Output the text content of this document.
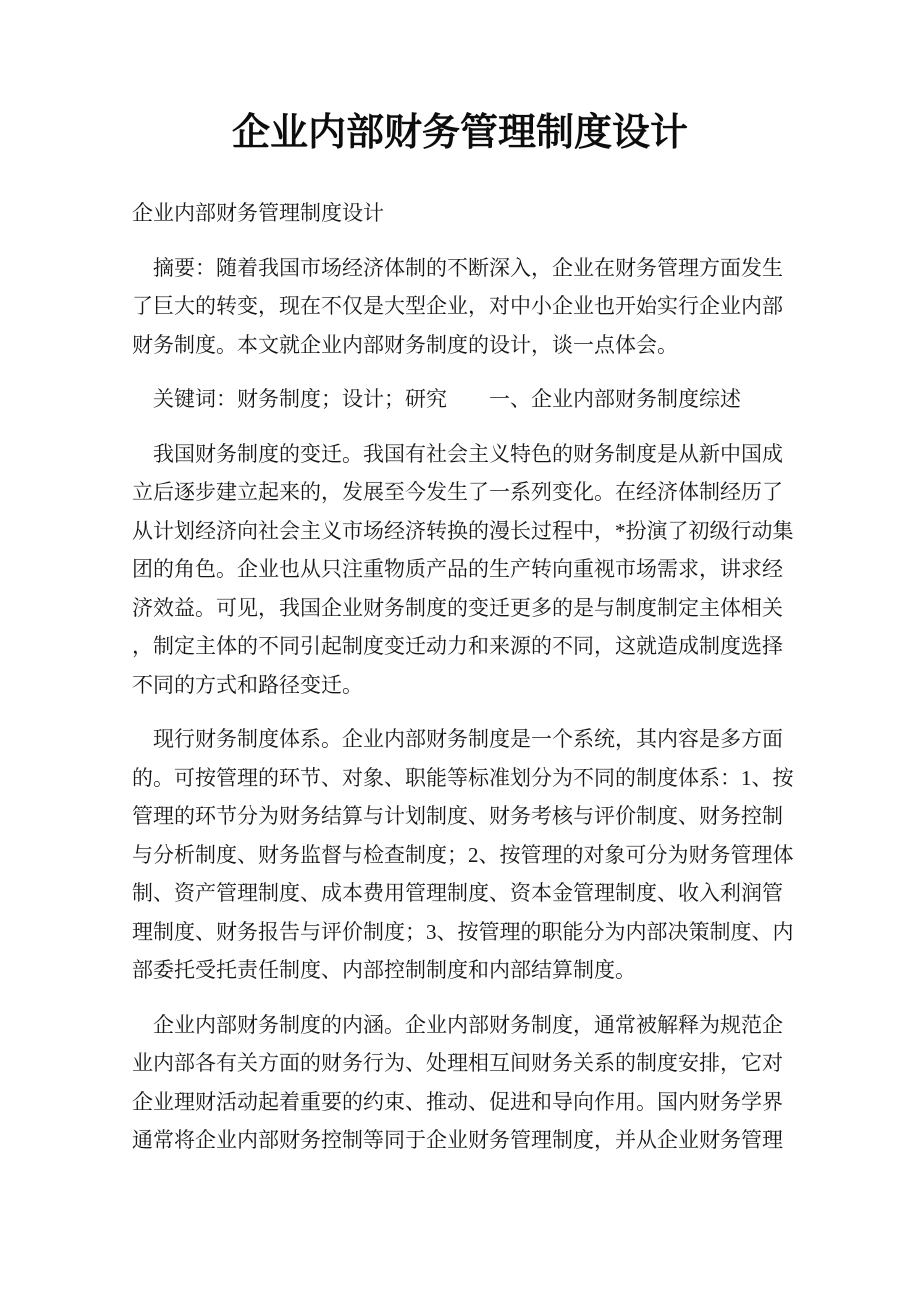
企业内部财务管理制度设计
企业内部财务管理制度设计
摘要：随着我国市场经济体制的不断深入，企业在财务管理方面发生
了巨大的转变，现在不仅是大型企业，对中小企业也开始实行企业内部
财务制度。本文就企业内部财务制度的设计，谈一点体会。
关键词：财务制度；设计；研究　　一、企业内部财务制度综述
我国财务制度的变迁。我国有社会主义特色的财务制度是从新中国成
立后逐步建立起来的，发展至今发生了一系列变化。在经济体制经历了
从计划经济向社会主义市场经济转换的漫长过程中，*扮演了初级行动集
团的角色。企业也从只注重物质产品的生产转向重视市场需求，讲求经
济效益。可见，我国企业财务制度的变迁更多的是与制度制定主体相关
，制定主体的不同引起制度变迁动力和来源的不同，这就造成制度选择
不同的方式和路径变迁。
现行财务制度体系。企业内部财务制度是一个系统，其内容是多方面
的。可按管理的环节、对象、职能等标准划分为不同的制度体系：1、按
管理的环节分为财务结算与计划制度、财务考核与评价制度、财务控制
与分析制度、财务监督与检查制度；2、按管理的对象可分为财务管理体
制、资产管理制度、成本费用管理制度、资本金管理制度、收入利润管
理制度、财务报告与评价制度；3、按管理的职能分为内部决策制度、内
部委托受托责任制度、内部控制制度和内部结算制度。
企业内部财务制度的内涵。企业内部财务制度，通常被解释为规范企
业内部各有关方面的财务行为、处理相互间财务关系的制度安排，它对
企业理财活动起着重要的约束、推动、促进和导向作用。国内财务学界
通常将企业内部财务控制等同于企业财务管理制度，并从企业财务管理
